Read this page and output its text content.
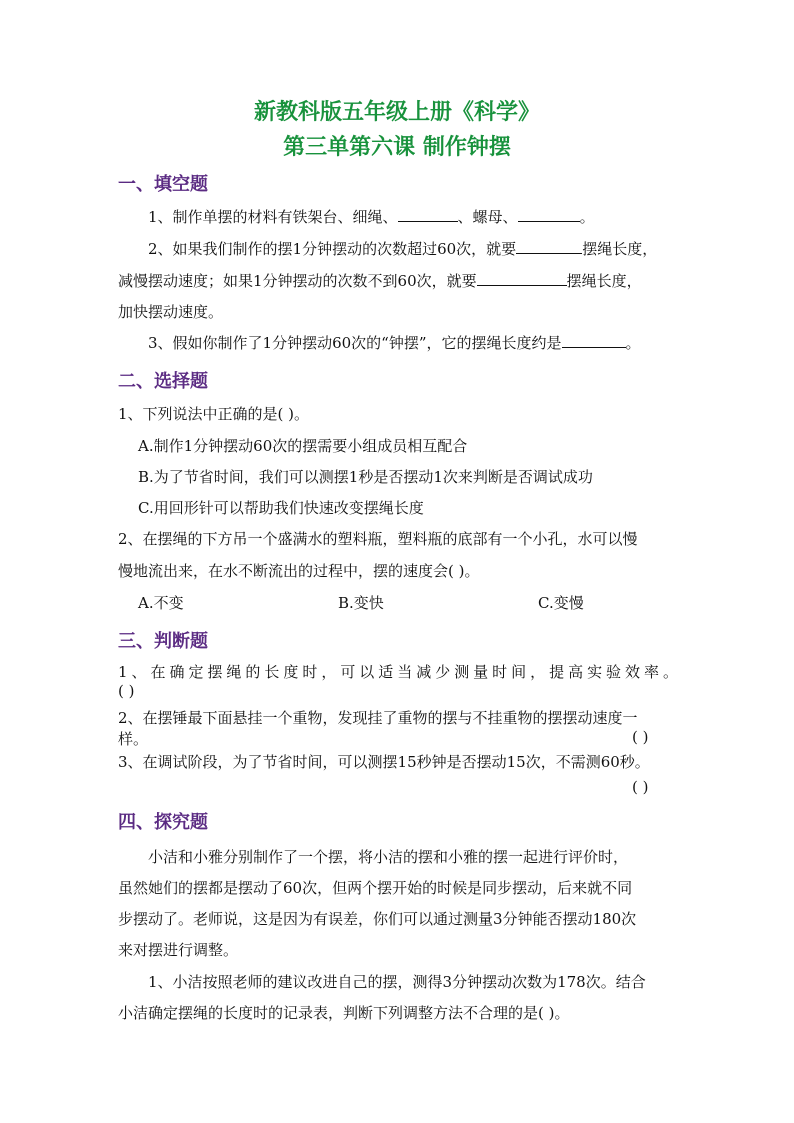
新教科版五年级上册《科学》
第三单第六课 制作钟摆
一、填空题
1、制作单摆的材料有铁架台、细绳、	、螺母、	。
2、如果我们制作的摆1分钟摆动的次数超过60次，就要	摆绳长度，
减慢摆动速度；如果1分钟摆动的次数不到60次，就要	摆绳长度，
加快摆动速度。
3、假如你制作了1分钟摆动60次的“钟摆”，它的摆绳长度约是	。
二、选择题
1、下列说法中正确的是( )。
A.制作1分钟摆动60次的摆需要小组成员相互配合
B.为了节省时间，我们可以测摆1秒是否摆动1次来判断是否调试成功
C.用回形针可以帮助我们快速改变摆绳长度
2、在摆绳的下方吊一个盛满水的塑料瓶，塑料瓶的底部有一个小孔，水可以慢
慢地流出来，在水不断流出的过程中，摆的速度会( )。
A.不变	B.变快	C.变慢
三、判断题
1、在确定摆绳的长度时，可以适当减少测量时间，提高实验效率。
( )
2、在摆锤最下面悬挂一个重物，发现挂了重物的摆与不挂重物的摆摆动速度一
样。	( )
3、在调试阶段，为了节省时间，可以测摆15秒钟是否摆动15次，不需测60秒。
( )
四、探究题
小洁和小雅分别制作了一个摆，将小洁的摆和小雅的摆一起进行评价时，
虽然她们的摆都是摆动了60次，但两个摆开始的时候是同步摆动，后来就不同
步摆动了。老师说，这是因为有误差，你们可以通过测量3分钟能否摆动180次
来对摆进行调整。
1、小洁按照老师的建议改进自己的摆，测得3分钟摆动次数为178次。结合
小洁确定摆绳的长度时的记录表，判断下列调整方法不合理的是( )。
